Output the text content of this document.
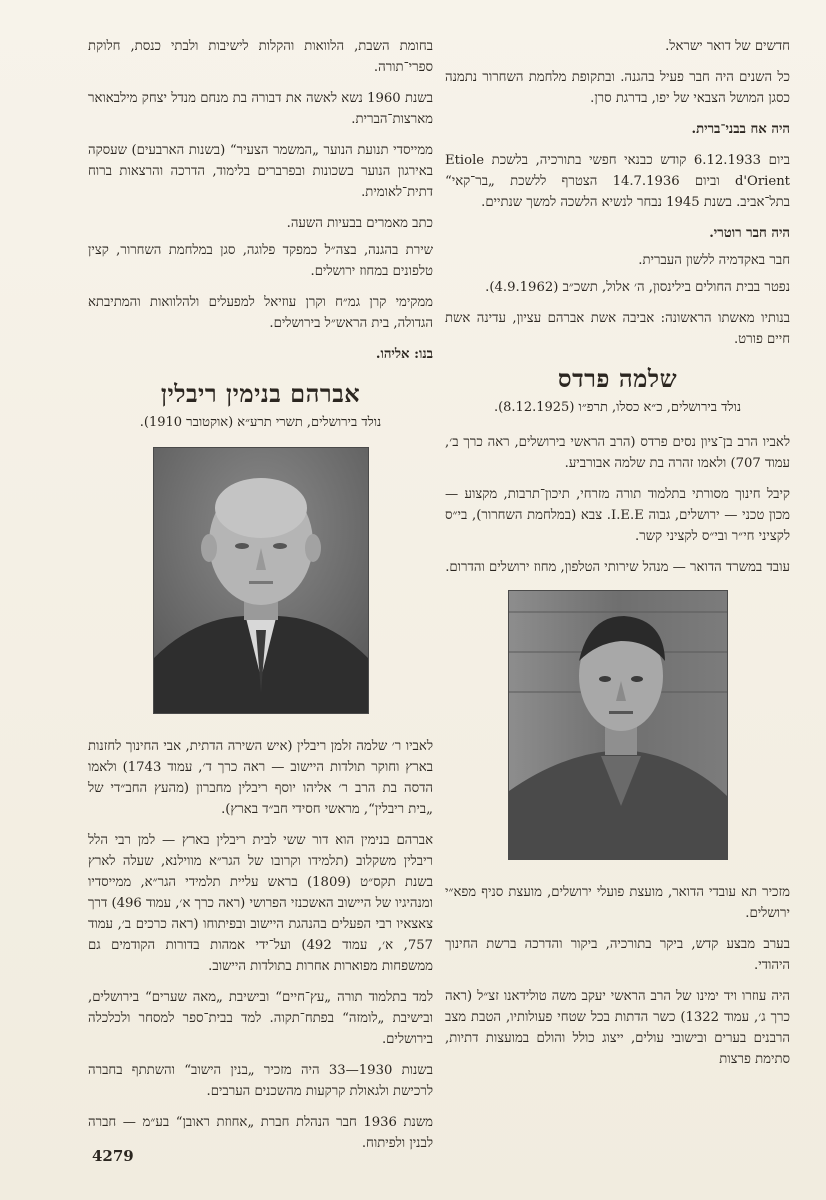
בחומת השבת, הלוואות והקלות לישיבות ולבתי כנסת, חלוקת ספרי־תורה.

בשנת 1960 נשא לאשה את דבורה בת מנחם מנדל יצחק מילבאואר מארצות־הברית.

ממייסדי תנועת הנוער „המשמר הצעיר“ (בשנות הארבעים) שעסקה באירגון הנוער בשכונות ובפרברים בלימוד, הדרכה והרצאות ברוח דתית־לאומית.

כתב מאמרים בבעיות השעה.

שירת בהגנה, בצה״ל כמפקד פלוגה, סגן במלחמת השחרור, קצין טלפונים במחוז ירושלים.

ממקימי קרן גמ״ח וקרן עוזיאל למפעלים ולהלוואות והמתיבתא הגדולה, בית הראש״ל בירושלים.

בנו: אליהו.

אברהם בנימין ריבלין
נולד בירושלים, תשרי תרע״א (אוקטובר 1910).

לאביו ר׳ שלמה זלמן ריבלין (איש השירה הדתית, אבי החינוך לחזנות בארץ וחוקר תולדות היישוב — ראה כרך ד׳, עמוד 1743) ולאמו הדסה בת הרב ר׳ אליהו יוסף ריבלין מחברון (מהעץ החב״די של „בית ריבלין“, מראשי חסידי חב״ד בארץ).

אברהם בנימין הוא דור ששי לבית ריבלין בארץ — למן רבי הלל ריבלין משקלוב (תלמידו וקרובו של הגר״א מווילנא, שעלה לארץ בשנת תקס״ט (1809) בראש עליית תלמידי הגר״א, ממייסדיו ומנהיגיו של היישוב האשכנזי הפרושי (ראה כרך א׳, עמוד 496) דרך צאצאיו רבי הפעלים בהנהגת היישוב ובפיתוחו (ראה כרכים ב׳, עמוד 757, א׳, עמוד 492) ועל־ידי אמהות בדורות הקודמים גם ממשפחות מפוארות אחרות בתולדות היישוב.

למד בתלמוד תורה „עץ־חיים“ ובישיבת „מאה שערים“ בירושלים, ובישיבת „לומזה“ בפתח־תקוה. למד בבית־ספר למסחר ולכלכלה בירושלים.

בשנות 1930—33 היה מזכיר „בנין הישוב“ והשתתף בחברה לרכישת ולגאולת קרקעות מהשכנים הערבים.

משנת 1936 חבר הנהלת חברת „אחוזת ראובן“ בע״מ — חברה לבנין ולפיתוח.

חדשים של דואר ישראל.

כל השנים היה חבר פעיל בהגנה. ובתקופת מלחמת השחרור נתמנה כסגן המושל הצבאי של יפו, בדרגת סרן.

היה אח בבני־ברית.

ביום 6.12.1933 קודש כבנאי חפשי בתורכיה, בלשכת Etiole d'Orient וביום 14.7.1936 הצטרף ללשכת „בר־קאי“ בתל־אביב. בשנת 1945 נבחר לנשיא הלשכה למשך שנתיים.

היה חבר רוטרי.

חבר באקדמיה ללשון העברית.

נפטר בבית החולים בילינסון, ה׳ אלול, תשכ״ב (4.9.1962).

בנותיו מאשתו הראשונה: אביבה אשת אברהם עציון, עדינה אשת חיים פורט.

שלמה פרדס
נולד בירושלים, כ״א כסלו, תרפ״ו (8.12.1925).

לאביו הרב בן־ציון נסים פרדס (הרב הראשי בירושלים, ראה כרך ב׳, עמוד 707) ולאמו זהרה בת שלמה אבורביע.

קיבל חינוך מסורתי בתלמוד תורה מזרחי, תיכון־תרבות, מקצוע — מכון טכני — ירושלים, גבוה I.E.E. צבא (במלחמת השחרור), בי״ס לקציני חי״ר ובי״ס לקציני קשר.

עובד במשרד הדואר — מנהל שירותי הטלפון, מחוז ירושלים והדרום.

מזכיר תא עובדי הדואר, מועצת פועלי ירושלים, מועצת סניף מפא״י ירושלים.

בערב מבצע קדש, ביקר בתורכיה, ביקור והדרכה ברשת החינוך היהודי.

היה עוזרו ויד ימינו של הרב הראשי יעקב משה טולידאנו זצ״ל (ראה כרך ג׳, עמוד 1322) כשר הדתות בכל שטחי פעולותיו, הטבת מצב הרבנים בערים ובישובי עולים, ייצוג כולל והולם במועצות דתיות, סתימת פרצות

4279
